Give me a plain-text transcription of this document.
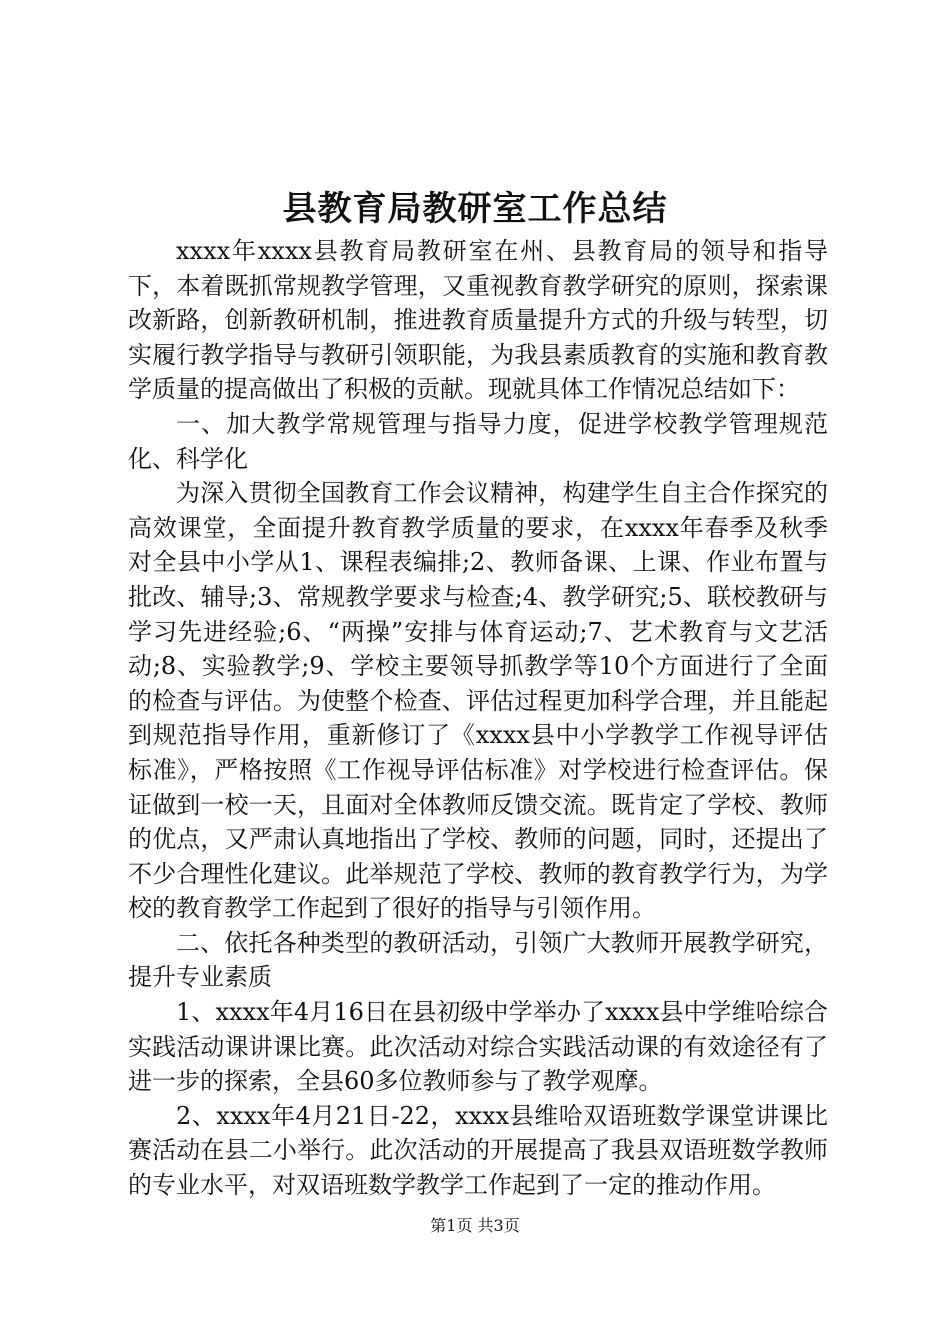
县教育局教研室工作总结

xxxx年xxxx县教育局教研室在州、县教育局的领导和指导下，本着既抓常规教学管理，又重视教育教学研究的原则，探索课改新路，创新教研机制，推进教育质量提升方式的升级与转型，切实履行教学指导与教研引领职能，为我县素质教育的实施和教育教学质量的提高做出了积极的贡献。现就具体工作情况总结如下：

一、加大教学常规管理与指导力度，促进学校教学管理规范化、科学化

为深入贯彻全国教育工作会议精神，构建学生自主合作探究的高效课堂，全面提升教育教学质量的要求，在xxxx年春季及秋季对全县中小学从1、课程表编排;2、教师备课、上课、作业布置与批改、辅导;3、常规教学要求与检查;4、教学研究;5、联校教研与学习先进经验;6、“两操”安排与体育运动;7、艺术教育与文艺活动;8、实验教学;9、学校主要领导抓教学等10个方面进行了全面的检查与评估。为使整个检查、评估过程更加科学合理，并且能起到规范指导作用，重新修订了《xxxx县中小学教学工作视导评估标准》，严格按照《工作视导评估标准》对学校进行检查评估。保证做到一校一天，且面对全体教师反馈交流。既肯定了学校、教师的优点，又严肃认真地指出了学校、教师的问题，同时，还提出了不少合理性化建议。此举规范了学校、教师的教育教学行为，为学校的教育教学工作起到了很好的指导与引领作用。

二、依托各种类型的教研活动，引领广大教师开展教学研究，提升专业素质

1、xxxx年4月16日在县初级中学举办了xxxx县中学维哈综合实践活动课讲课比赛。此次活动对综合实践活动课的有效途径有了进一步的探索，全县60多位教师参与了教学观摩。

2、xxxx年4月21日-22，xxxx县维哈双语班数学课堂讲课比赛活动在县二小举行。此次活动的开展提高了我县双语班数学教师的专业水平，对双语班数学教学工作起到了一定的推动作用。

第1页 共3页
